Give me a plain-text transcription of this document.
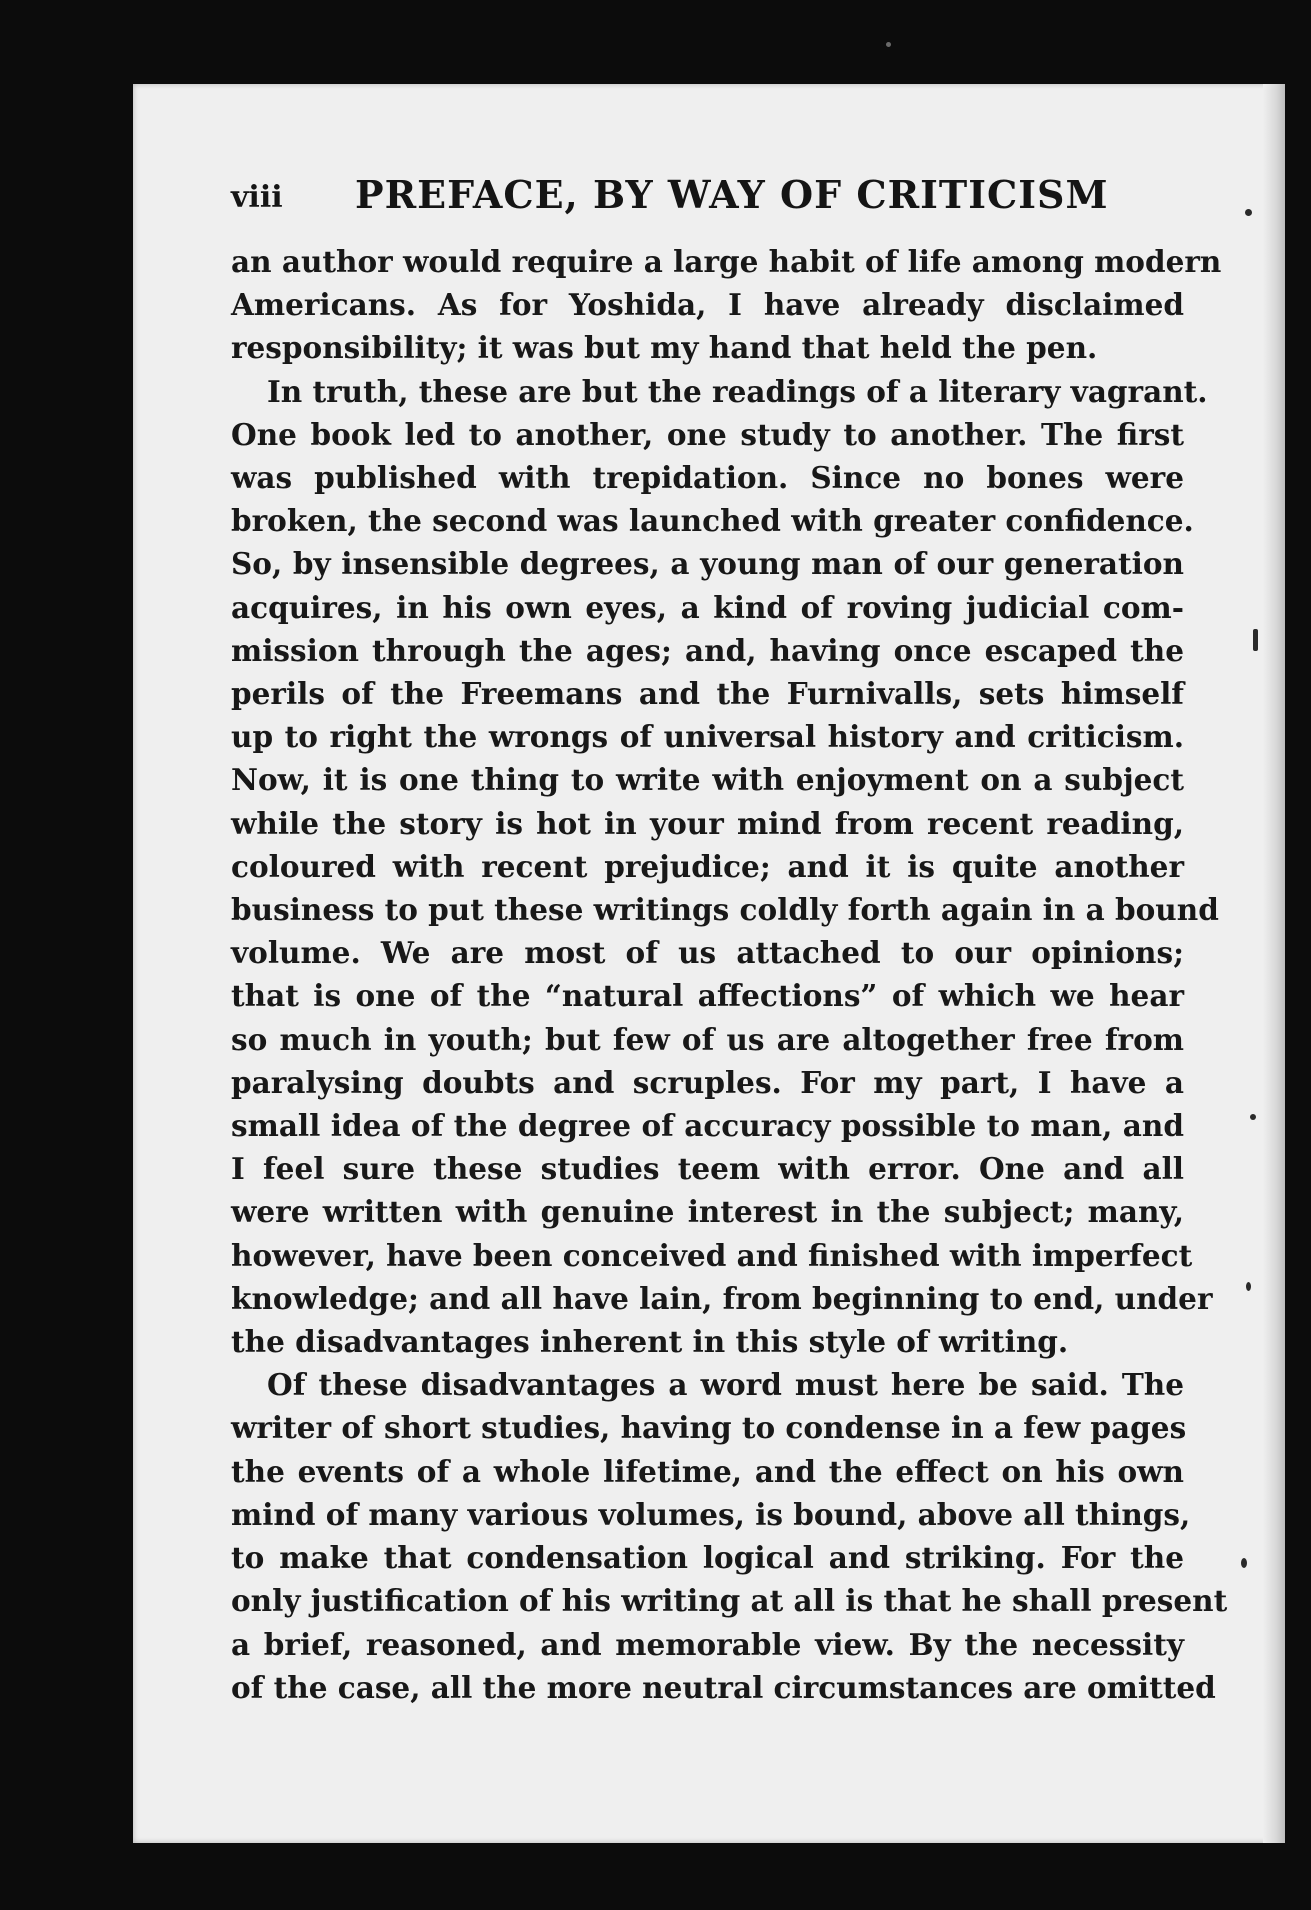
viii PREFACE, BY WAY OF CRITICISM
an author would require a large habit of life among modern
Americans. As for Yoshida, I have already disclaimed
responsibility; it was but my hand that held the pen.
In truth, these are but the readings of a literary vagrant.
One book led to another, one study to another. The first
was published with trepidation. Since no bones were
broken, the second was launched with greater confidence.
So, by insensible degrees, a young man of our generation
acquires, in his own eyes, a kind of roving judicial com-
mission through the ages; and, having once escaped the
perils of the Freemans and the Furnivalls, sets himself
up to right the wrongs of universal history and criticism.
Now, it is one thing to write with enjoyment on a subject
while the story is hot in your mind from recent reading,
coloured with recent prejudice; and it is quite another
business to put these writings coldly forth again in a bound
volume. We are most of us attached to our opinions;
that is one of the “natural affections” of which we hear
so much in youth; but few of us are altogether free from
paralysing doubts and scruples. For my part, I have a
small idea of the degree of accuracy possible to man, and
I feel sure these studies teem with error. One and all
were written with genuine interest in the subject; many,
however, have been conceived and finished with imperfect
knowledge; and all have lain, from beginning to end, under
the disadvantages inherent in this style of writing.
Of these disadvantages a word must here be said. The
writer of short studies, having to condense in a few pages
the events of a whole lifetime, and the effect on his own
mind of many various volumes, is bound, above all things,
to make that condensation logical and striking. For the
only justification of his writing at all is that he shall present
a brief, reasoned, and memorable view. By the necessity
of the case, all the more neutral circumstances are omitted
